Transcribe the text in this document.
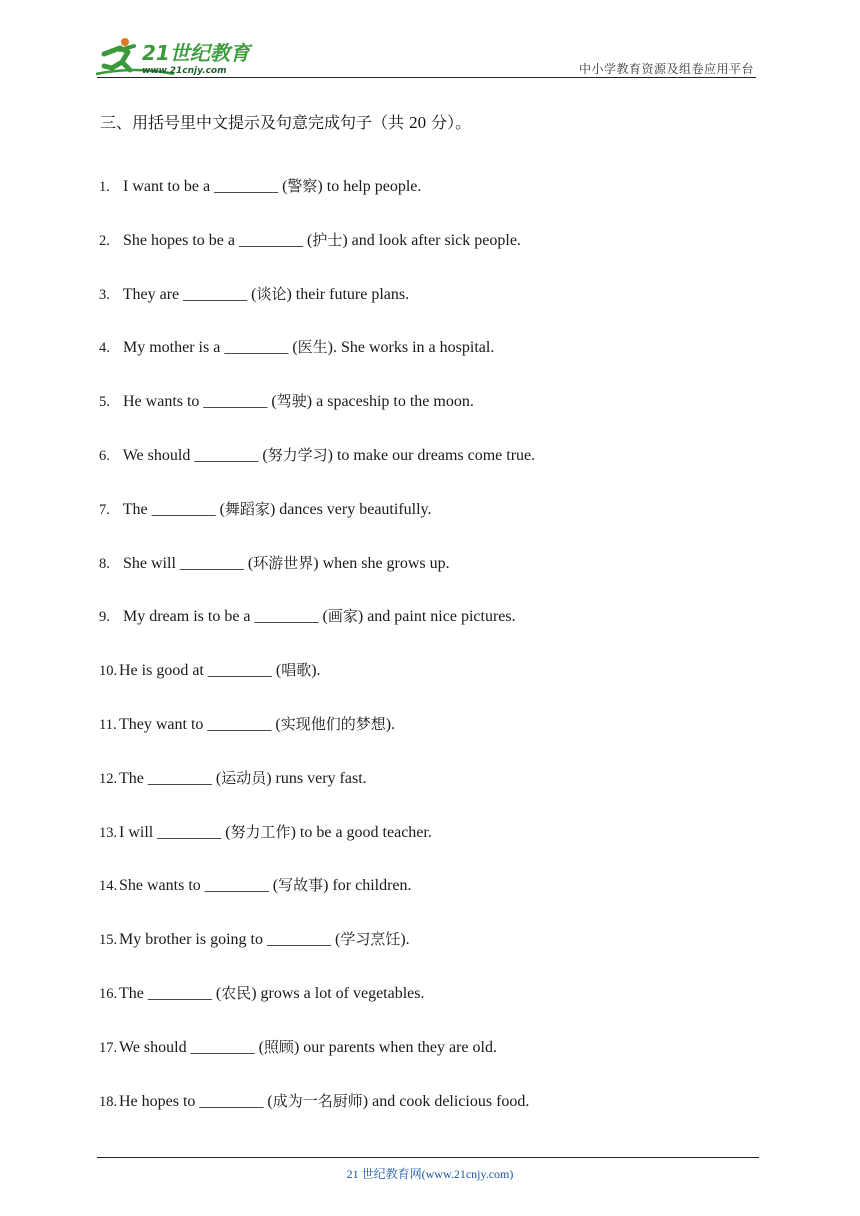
21世纪教育
www.21cnjy.com	中小学教育资源及组卷应用平台
三、用括号里中文提示及句意完成句子（共 20 分）。
1. I want to be a ________ (警察) to help people.
2. She hopes to be a ________ (护士) and look after sick people.
3. They are ________ (谈论) their future plans.
4. My mother is a ________ (医生). She works in a hospital.
5. He wants to ________ (驾驶) a spaceship to the moon.
6. We should ________ (努力学习) to make our dreams come true.
7. The ________ (舞蹈家) dances very beautifully.
8. She will ________ (环游世界) when she grows up.
9. My dream is to be a ________ (画家) and paint nice pictures.
10. He is good at ________ (唱歌).
11. They want to ________ (实现他们的梦想).
12. The ________ (运动员) runs very fast.
13. I will ________ (努力工作) to be a good teacher.
14. She wants to ________ (写故事) for children.
15. My brother is going to ________ (学习烹饪).
16. The ________ (农民) grows a lot of vegetables.
17. We should ________ (照顾) our parents when they are old.
18. He hopes to ________ (成为一名厨师) and cook delicious food.
21 世纪教育网(www.21cnjy.com)
